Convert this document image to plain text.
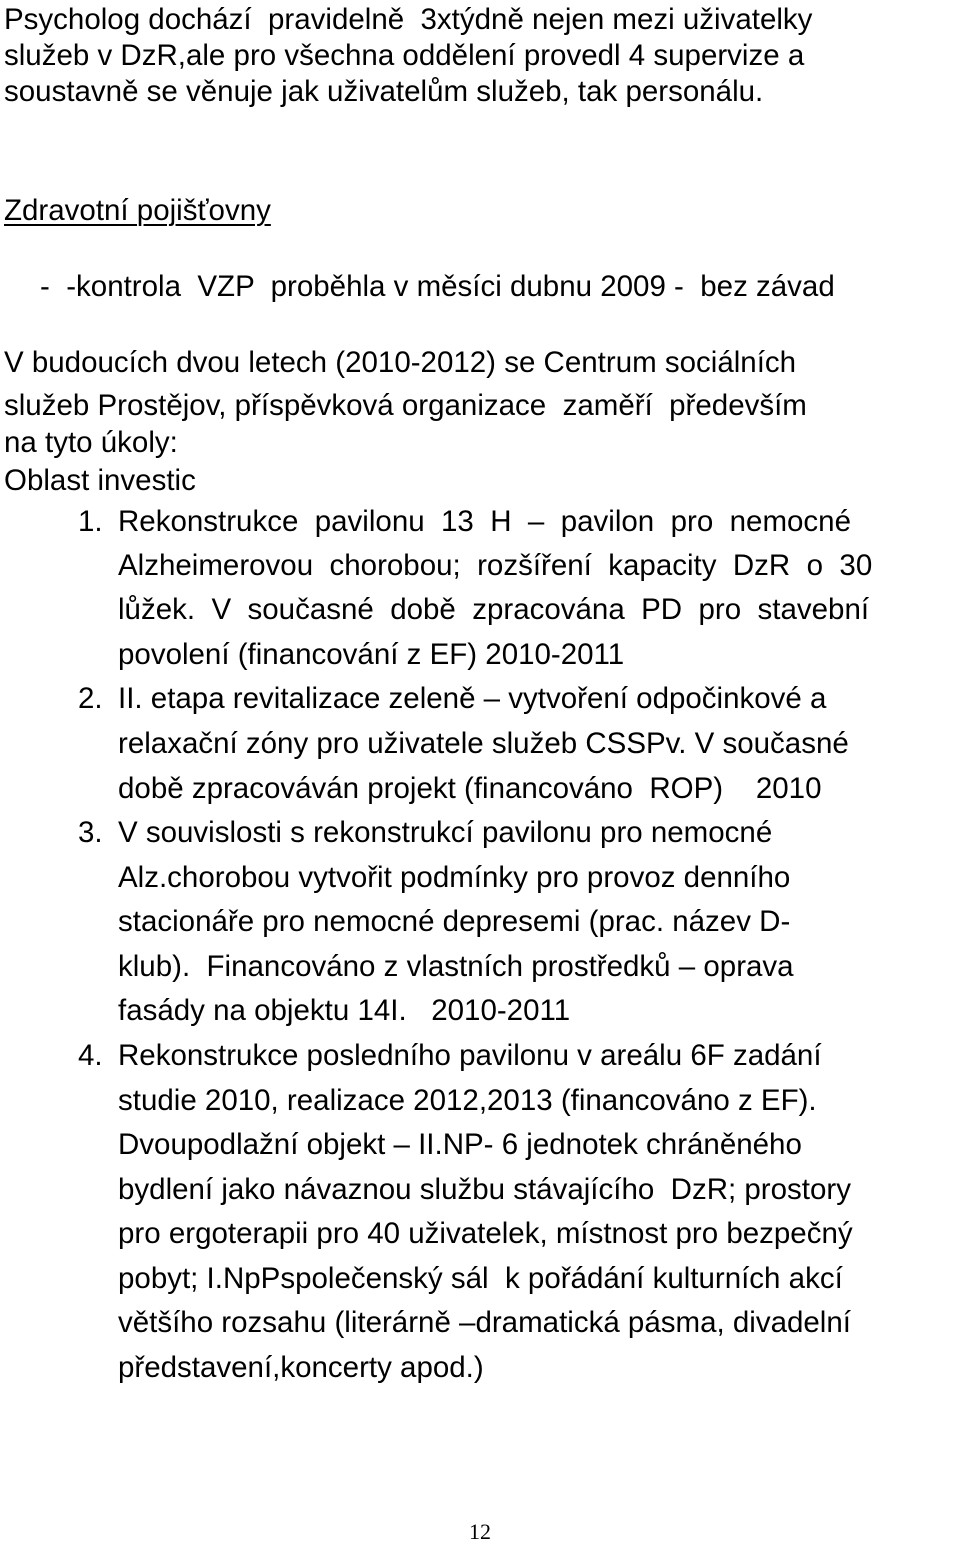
Psycholog dochází  pravidelně  3xtýdně nejen mezi uživatelky
služeb v DzR,ale pro všechna oddělení provedl 4 supervize a
soustavně se věnuje jak uživatelům služeb, tak personálu.
Zdravotní pojišťovny
-  -kontrola  VZP  proběhla v měsíci dubnu 2009 -  bez závad
V budoucích dvou letech (2010-2012) se Centrum sociálních
služeb Prostějov, příspěvková organizace  zaměří  především
na tyto úkoly:
Oblast investic
1. Rekonstrukce  pavilonu  13  H  –  pavilon  pro  nemocné
Alzheimerovou  chorobou;  rozšíření  kapacity  DzR  o  30
lůžek.  V  současné  době  zpracována  PD  pro  stavební
povolení (financování z EF) 2010-2011
2. II. etapa revitalizace zeleně – vytvoření odpočinkové a
relaxační zóny pro uživatele služeb CSSPv. V současné
době zpracováván projekt (financováno  ROP)    2010
3. V souvislosti s rekonstrukcí pavilonu pro nemocné
Alz.chorobou vytvořit podmínky pro provoz denního
stacionáře pro nemocné depresemi (prac. název D-
klub).  Financováno z vlastních prostředků – oprava
fasády na objektu 14I.   2010-2011
4. Rekonstrukce posledního pavilonu v areálu 6F zadání
studie 2010, realizace 2012,2013 (financováno z EF).
Dvoupodlažní objekt – II.NP- 6 jednotek chráněného
bydlení jako návaznou službu stávajícího  DzR; prostory
pro ergoterapii pro 40 uživatelek, místnost pro bezpečný
pobyt; I.NpPspolečenský sál  k pořádání kulturních akcí
většího rozsahu (literárně –dramatická pásma, divadelní
představení,koncerty apod.)
12
